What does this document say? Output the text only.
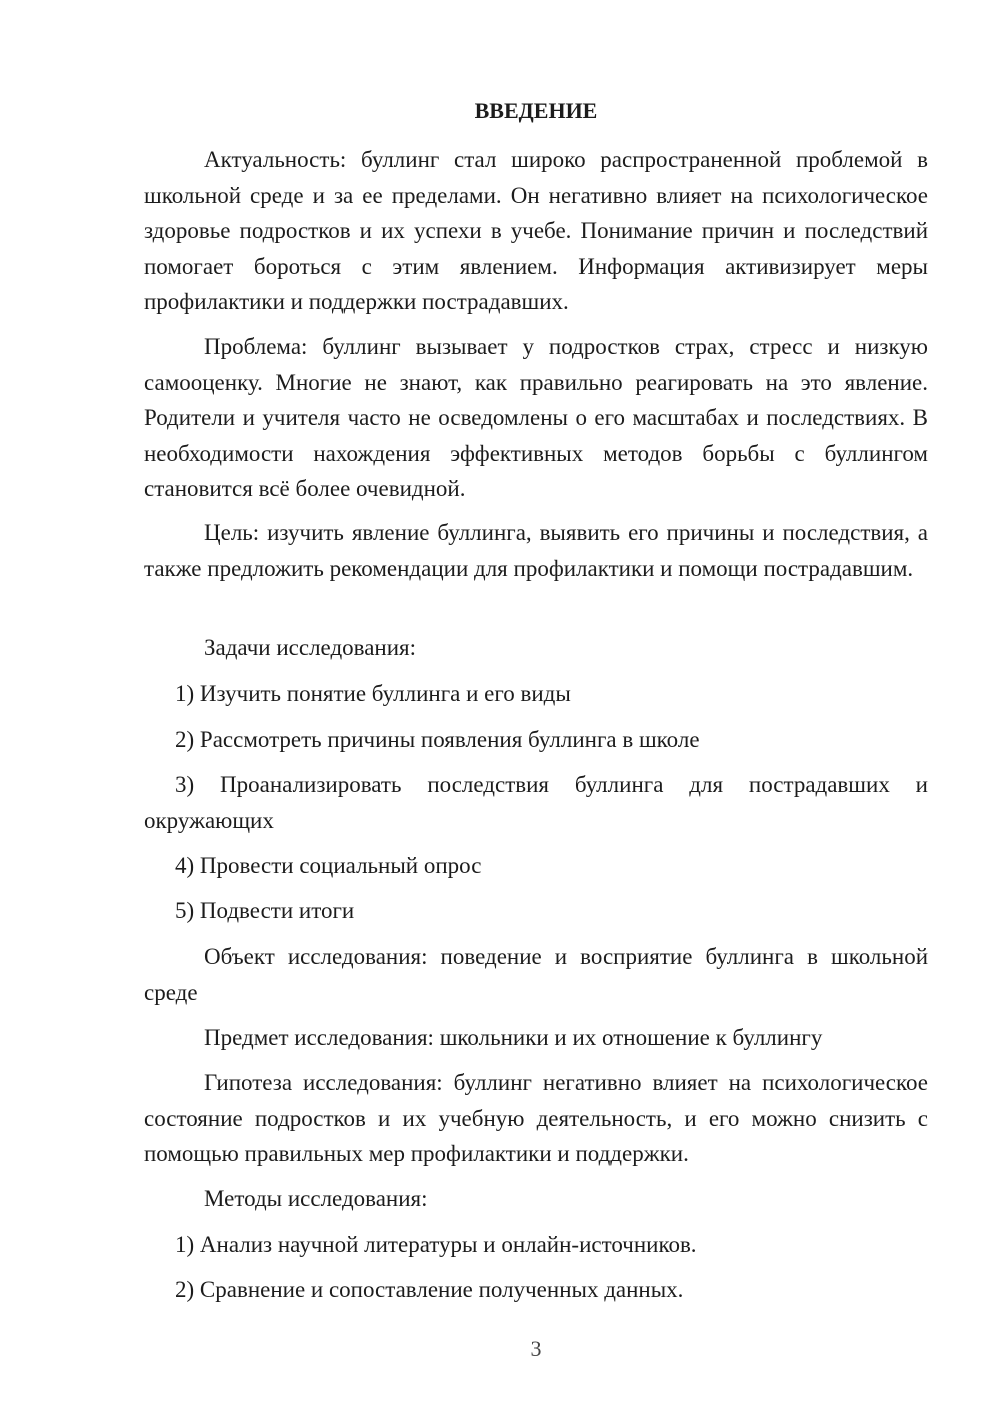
ВВЕДЕНИЕ

Актуальность: буллинг стал широко распространенной проблемой в школьной среде и за ее пределами. Он негативно влияет на психологическое здоровье подростков и их успехи в учебе. Понимание причин и последствий помогает бороться с этим явлением. Информация активизирует меры профилактики и поддержки пострадавших.

Проблема: буллинг вызывает у подростков страх, стресс и низкую самооценку. Многие не знают, как правильно реагировать на это явление. Родители и учителя часто не осведомлены о его масштабах и последствиях. В необходимости нахождения эффективных методов борьбы с буллингом становится всё более очевидной.

Цель: изучить явление буллинга, выявить его причины и последствия, а также предложить рекомендации для профилактики и помощи пострадавшим.

Задачи исследования:

1) Изучить понятие буллинга и его виды

2) Рассмотреть причины появления буллинга в школе

3) Проанализировать последствия буллинга для пострадавших и окружающих

4) Провести социальный опрос

5) Подвести итоги

Объект исследования: поведение и восприятие буллинга в школьной среде

Предмет исследования: школьники и их отношение к буллингу

Гипотеза исследования: буллинг негативно влияет на психологическое состояние подростков и их учебную деятельность, и его можно снизить с помощью правильных мер профилактики и поддержки.

Методы исследования:

1) Анализ научной литературы и онлайн-источников.

2) Сравнение и сопоставление полученных данных.

3
